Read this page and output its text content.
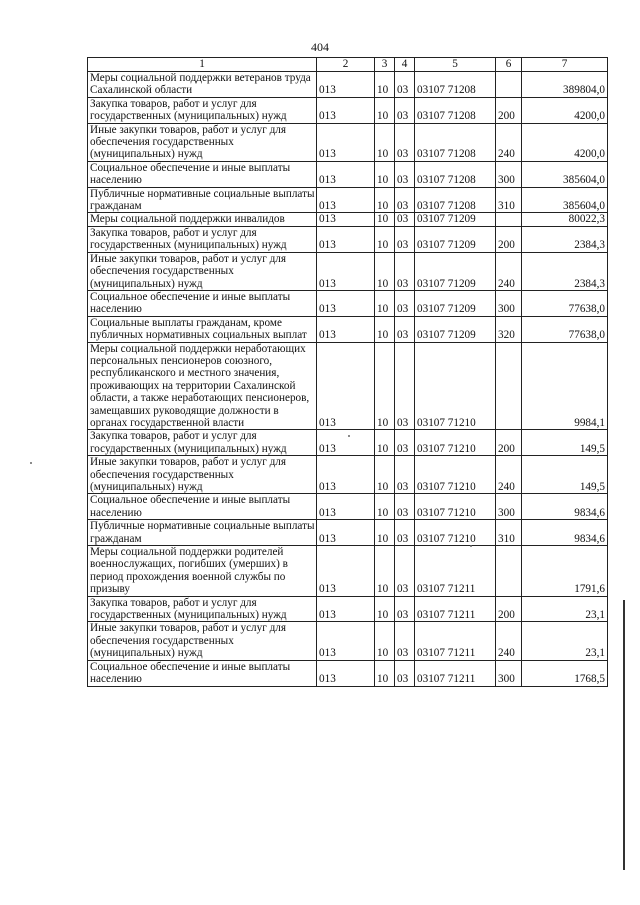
404
1	2	3	4	5	6	7
Меры социальной поддержки ветеранов труда Сахалинской области	013	10	03	03107 71208		389804,0
Закупка товаров, работ и услуг для государственных (муниципальных) нужд	013	10	03	03107 71208	200	4200,0
Иные закупки товаров, работ и услуг для обеспечения государственных (муниципальных) нужд	013	10	03	03107 71208	240	4200,0
Социальное обеспечение и иные выплаты населению	013	10	03	03107 71208	300	385604,0
Публичные нормативные социальные выплаты гражданам	013	10	03	03107 71208	310	385604,0
Меры социальной поддержки инвалидов	013	10	03	03107 71209		80022,3
Закупка товаров, работ и услуг для государственных (муниципальных) нужд	013	10	03	03107 71209	200	2384,3
Иные закупки товаров, работ и услуг для обеспечения государственных (муниципальных) нужд	013	10	03	03107 71209	240	2384,3
Социальное обеспечение и иные выплаты населению	013	10	03	03107 71209	300	77638,0
Социальные выплаты гражданам, кроме публичных нормативных социальных выплат	013	10	03	03107 71209	320	77638,0
Меры социальной поддержки неработающих персональных пенсионеров союзного, республиканского и местного значения, проживающих на территории Сахалинской области, а также неработающих пенсионеров, замещавших руководящие должности в органах государственной власти	013	10	03	03107 71210		9984,1
Закупка товаров, работ и услуг для государственных (муниципальных) нужд	013	10	03	03107 71210	200	149,5
Иные закупки товаров, работ и услуг для обеспечения государственных (муниципальных) нужд	013	10	03	03107 71210	240	149,5
Социальное обеспечение и иные выплаты населению	013	10	03	03107 71210	300	9834,6
Публичные нормативные социальные выплаты гражданам	013	10	03	03107 71210	310	9834,6
Меры социальной поддержки родителей военнослужащих, погибших (умерших) в период прохождения военной службы по призыву	013	10	03	03107 71211		1791,6
Закупка товаров, работ и услуг для государственных (муниципальных) нужд	013	10	03	03107 71211	200	23,1
Иные закупки товаров, работ и услуг для обеспечения государственных (муниципальных) нужд	013	10	03	03107 71211	240	23,1
Социальное обеспечение и иные выплаты населению	013	10	03	03107 71211	300	1768,5
